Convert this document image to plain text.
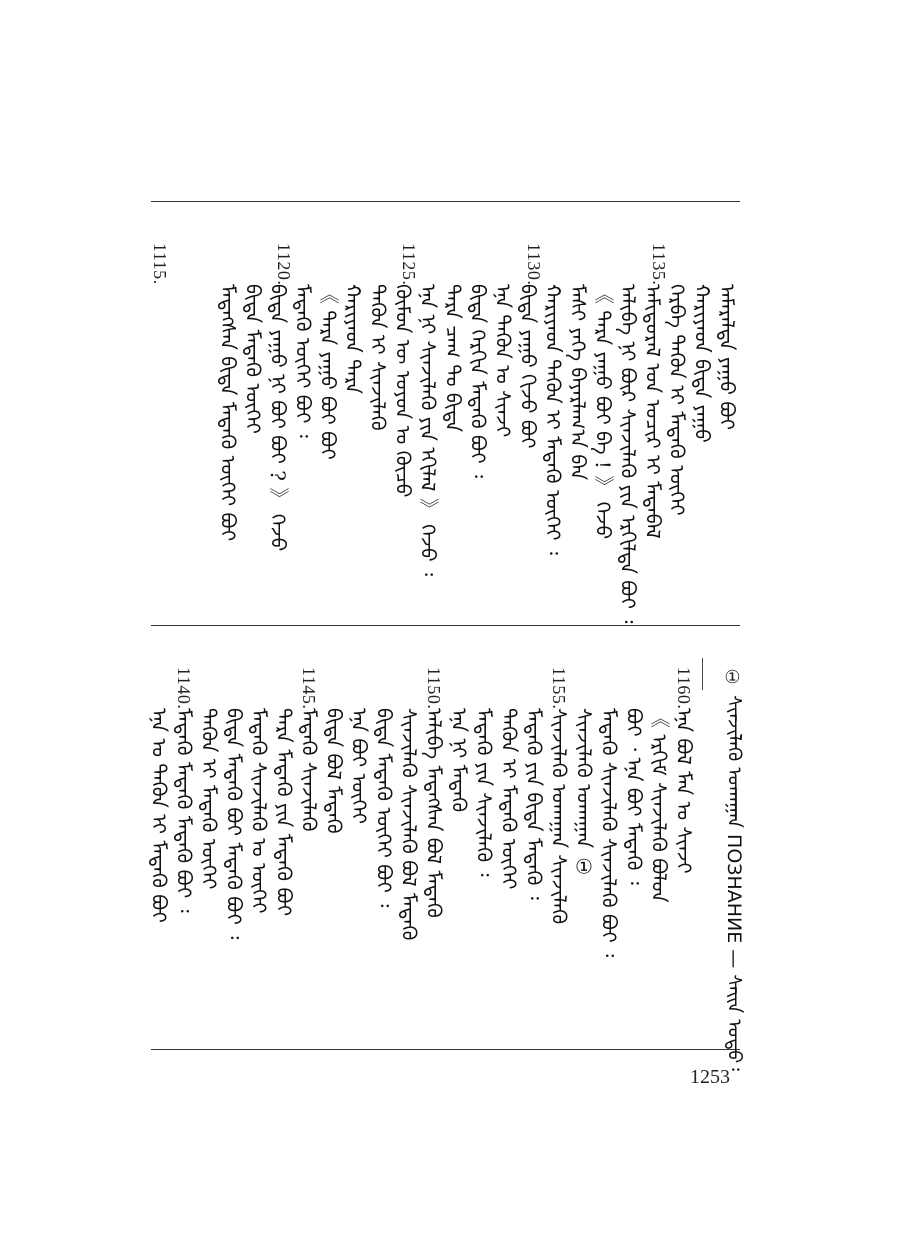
1135.
1130.
1125.
1120.
1115.
ᠠᠮᠠᠷᠠᠯᠲᠠ ᠶᠠᠭᠤ ᠪᠤᠢ
ᠬᠠᠷᠢᠶᠠᠳ ᠪᠢᠳᠡ ᠶᠠᠭᠤ
ᠬᠡᠷᠪᠡ ᠲᠡᠭᠦᠨ ᠢ ᠮᠡᠳᠡᠬᠦ ᠦᠭᠡᠢ
ᠠᠮᠢᠳᠤᠷᠠᠯ ᠤᠨ ᠤᠴᠢᠷ ᠢ ᠮᠡᠳᠡᠪᠡᠯ
ᠠᠯᠢᠪᠠ ᠨᠢ ᠪᠦᠷ ᠰᠢᠨᠵᠢᠯᠡᠬᠦ ᠶᠢᠨ ᠡᠷᠭᠢᠯᠲᠡ ᠪᠤᠢ ᠄
《 ᠲᠡᠷᠡ ᠶᠠᠭᠤ ᠪᠤᠢ ᠪᠡ ! 》 ᠭᠡᠵᠦ
ᠮᠠᠰᠢ ᠶᠡᠬᠡ ᠪᠠᠶᠠᠷᠯᠠᠭ᠎ᠠ ᠪᠠᠨ
ᠬᠠᠷᠢᠶᠠᠳ ᠲᠡᠭᠦᠨ ᠢ ᠮᠡᠳᠡᠬᠦ ᠦᠭᠡᠢ ᠄
ᠪᠢᠳᠡ ᠶᠠᠭᠤ ᠬᠢᠵᠦ ᠪᠤᠢ
ᠡᠨᠡ ᠲᠡᠭᠦᠨ ᠤ ᠰᠢᠨᠵᠢ
ᠪᠢᠳᠡ ᠬᠡᠷᠬᠢᠨ ᠮᠡᠳᠡᠬᠦ ᠪᠤᠢ ᠄
ᠲᠡᠷᠡ ᠴᠠᠭ ᠲᠤ ᠪᠢᠳᠡ
ᠡᠨᠡ ᠨᠢ ᠰᠢᠨᠵᠢᠯᠡᠬᠦ ᠶᠢᠨ ᠡᠬᠢᠯᠡᠯ 》 ᠭᠡᠵᠦ ᠄
ᠬᠦᠮᠦᠨ ᠦ ᠤᠶᠤᠨ ᠤ ᠬᠦᠴᠦ
ᠲᠡᠭᠦᠨ ᠢ ᠰᠢᠨᠵᠢᠯᠡᠬᠦ
ᠬᠠᠷᠢᠶᠠᠳ ᠲᠡᠷᠡ
《 ᠲᠡᠷᠡ ᠶᠠᠭᠤ ᠪᠤᠢ ᠪᠤᠢ
ᠮᠡᠳᠡᠬᠦ ᠦᠭᠡᠢ ᠪᠤᠢ ᠄
ᠪᠢᠳᠡ ᠶᠠᠭᠤ ᠨᠢ ᠪᠤᠢ ᠪᠤᠢ ? 》 ᠭᠡᠵᠦ
ᠪᠢᠳᠡ ᠮᠡᠳᠡᠬᠦ ᠦᠭᠡᠢ
ᠮᠡᠳᠡᠭᠰᠡᠨ ᠪᠢᠳᠡ ᠮᠡᠳᠡᠬᠦ ᠦᠭᠡᠢ ᠪᠤᠢ
1160.
1155.
1150.
1145.
1140.
ᠡᠨᠡ ᠪᠤᠯ ᠮᠠᠨ ᠤ ᠰᠢᠨᠵᠢ
《 ᠡᠷᠬᠢᠮ ᠰᠢᠨᠵᠢᠯᠡᠬᠦ ᠪᠤᠯᠤᠨ
ᠪᠤᠢ ᠂ ᠡᠨᠡ ᠪᠤᠢ ᠮᠡᠳᠡᠬᠦ ᠄
ᠮᠡᠳᠡᠬᠦ ᠰᠢᠨᠵᠢᠯᠡᠬᠦ ᠰᠢᠨᠵᠢᠯᠡᠬᠦ ᠪᠤᠢ ᠄
ᠰᠢᠨᠵᠢᠯᠡᠬᠦ ᠤᠬᠠᠭᠠᠨ ①
ᠰᠢᠨᠵᠢᠯᠡᠬᠦ ᠤᠬᠠᠭᠠᠨ ᠰᠢᠨᠵᠢᠯᠡᠬᠦ
ᠮᠡᠳᠡᠬᠦ ᠶᠢᠨ ᠪᠢᠳᠡ ᠮᠡᠳᠡᠬᠦ ᠄
ᠲᠡᠭᠦᠨ ᠢ ᠮᠡᠳᠡᠬᠦ ᠦᠭᠡᠢ
ᠮᠡᠳᠡᠬᠦ ᠶᠢᠨ ᠰᠢᠨᠵᠢᠯᠡᠬᠦ ᠄
ᠡᠨᠡ ᠨᠢ ᠮᠡᠳᠡᠬᠦ
ᠠᠯᠢᠪᠠ ᠮᠡᠳᠡᠭᠰᠡᠨ ᠪᠤᠯ ᠮᠡᠳᠡᠬᠦ
ᠰᠢᠨᠵᠢᠯᠡᠬᠦ ᠰᠢᠨᠵᠢᠯᠡᠬᠦ ᠪᠤᠯ ᠮᠡᠳᠡᠬᠦ
ᠪᠢᠳᠡ ᠮᠡᠳᠡᠬᠦ ᠦᠭᠡᠢ ᠪᠤᠢ ᠄
ᠡᠨᠡ ᠪᠤᠢ ᠦᠭᠡᠢ
ᠪᠢᠳᠡ ᠪᠤᠯ ᠮᠡᠳᠡᠬᠦ
ᠮᠡᠳᠡᠬᠦ ᠰᠢᠨᠵᠢᠯᠡᠬᠦ
ᠲᠡᠷᠡ ᠮᠡᠳᠡᠬᠦ ᠶᠢᠨ ᠮᠡᠳᠡᠬᠦ ᠪᠤᠢ
ᠮᠡᠳᠡᠬᠦ ᠰᠢᠨᠵᠢᠯᠡᠬᠦ ᠤ ᠦᠭᠡᠢ
ᠪᠢᠳᠡ ᠮᠡᠳᠡᠬᠦ ᠪᠤᠢ ᠮᠡᠳᠡᠬᠦ ᠪᠤᠢ ᠄
ᠲᠡᠭᠦᠨ ᠢ ᠮᠡᠳᠡᠬᠦ ᠦᠭᠡᠢ
ᠮᠡᠳᠡᠬᠦ ᠮᠡᠳᠡᠬᠦ ᠮᠡᠳᠡᠬᠦ ᠪᠤᠢ ᠄
ᠡᠨᠡ ᠤ ᠲᠡᠭᠦᠨ ᠢ ᠮᠡᠳᠡᠬᠦ ᠪᠤᠢ
①
ᠰᠢᠨᠵᠢᠯᠡᠬᠦ ᠤᠬᠠᠭᠠᠨ ПОЗНАНИЕ — ᠰᠠᠢᠨ ᠤᠳᠤ᠄
1253
